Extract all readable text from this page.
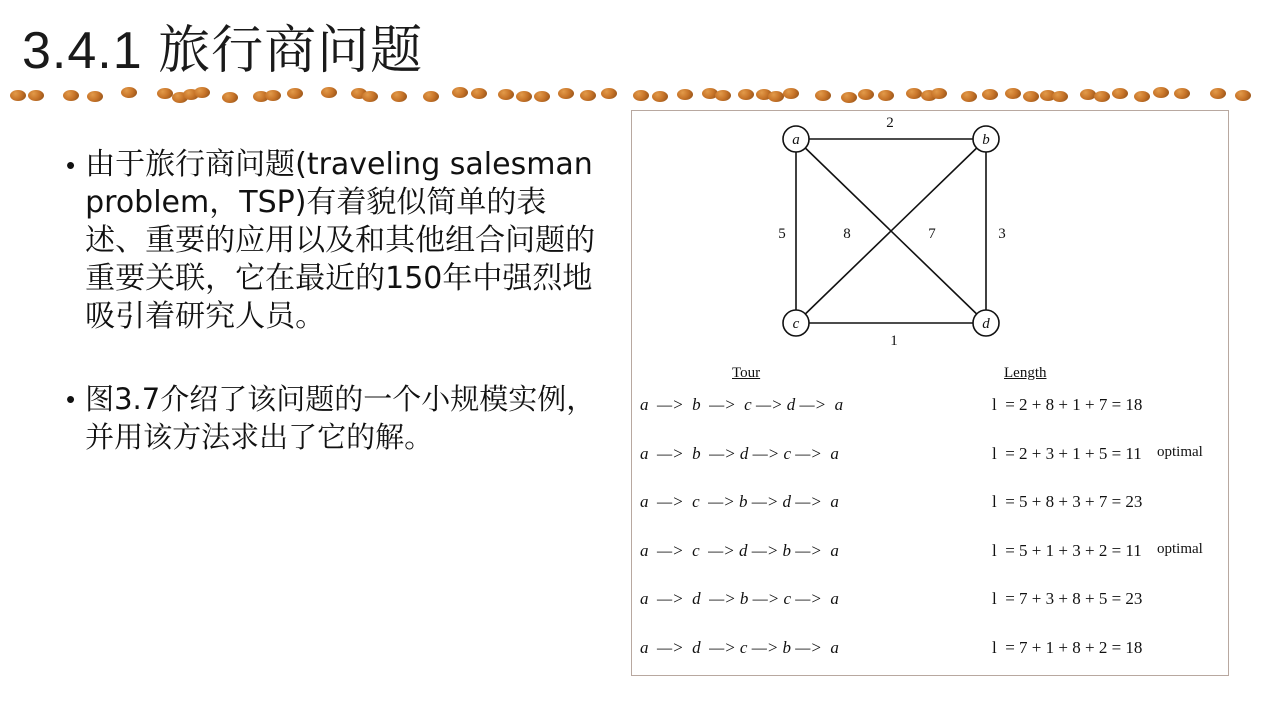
3.4.1 旅行商问题
• 由于旅行商问题(traveling salesman problem，TSP)有着貌似简单的表述、重要的应用以及和其他组合问题的重要关联，它在最近的150年中强烈地吸引着研究人员。
• 图3.7介绍了该问题的一个小规模实例，并用该方法求出了它的解。
a	b
c	d
2
5	3
1
7
8
Tour	Length
a  —>  b  —>  c —> d —>  a	l  = 2 + 8 + 1 + 7 = 18
a  —>  b  —> d —> c —>  a	l  = 2 + 3 + 1 + 5 = 11 optimal
a  —>  c  —> b —> d —>  a	l  = 5 + 8 + 3 + 7 = 23
a  —>  c  —> d —> b —>  a	l  = 5 + 1 + 3 + 2 = 11 optimal
a  —>  d  —> b —> c —>  a	l  = 7 + 3 + 8 + 5 = 23
a  —>  d  —> c —> b —>  a	l  = 7 + 1 + 8 + 2 = 18
